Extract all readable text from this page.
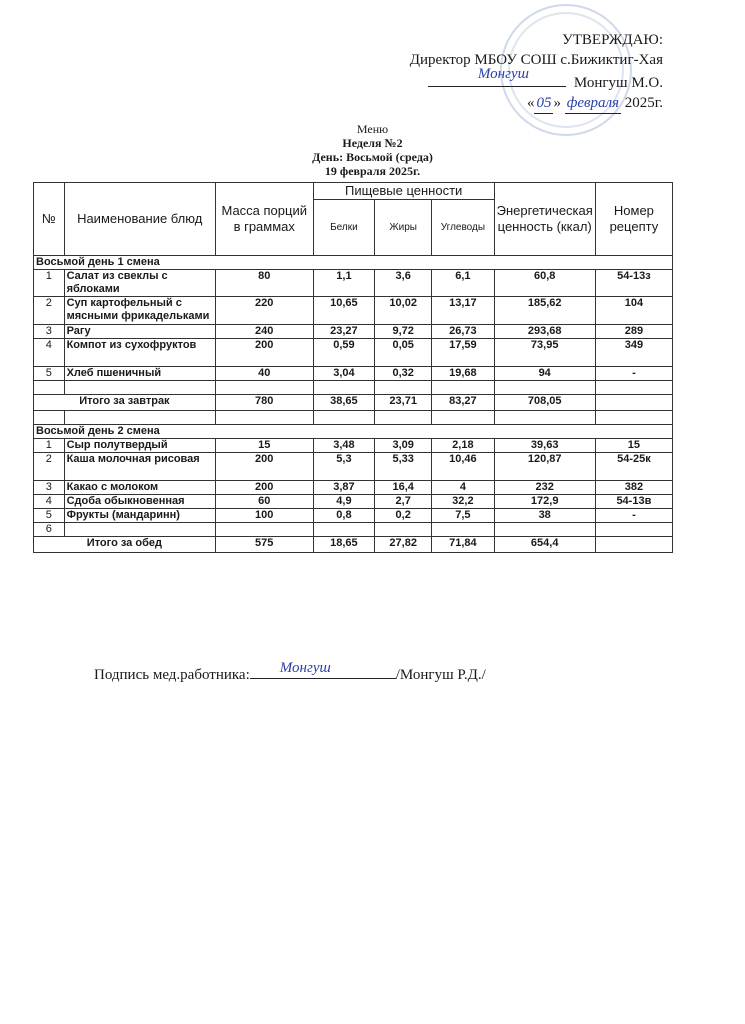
УТВЕРЖДАЮ:
Директор МБОУ СОШ с.Бижиктиг-Хая
Монгуш
Монгуш М.О.
« 05 » февраля 2025г.
Меню
Неделя №2
День: Восьмой (среда)
19 февраля 2025г.
№	Наименование блюд	Масса порций в граммах	Пищевые ценности			Энергетическая ценность (ккал)	Номер рецепту
			Белки	Жиры	Углеводы		
Восьмой день 1 смена							
1	Салат из свеклы с яблоками	80	1,1	3,6	6,1	60,8	54-13з
2	Суп картофельный с мясными фрикадельками	220	10,65	10,02	13,17	185,62	104
3	Рагу	240	23,27	9,72	26,73	293,68	289
4	Компот из сухофруктов	200	0,59	0,05	17,59	73,95	349
5	Хлеб пшеничный	40	3,04	0,32	19,68	94	-

Итого за завтрак		780	38,65	23,71	83,27	708,05	

Восьмой день 2 смена							
1	Сыр полутвердый	15	3,48	3,09	2,18	39,63	15
2	Каша молочная рисовая	200	5,3	5,33	10,46	120,87	54-25к
3	Какао с молоком	200	3,87	16,4	4	232	382
4	Сдоба обыкновенная	60	4,9	2,7	32,2	172,9	54-13в
5	Фрукты (мандаринн)	100	0,8	0,2	7,5	38	-
6							
Итого за обед		575	18,65	27,82	71,84	654,4	
Подпись мед.работника: Монгуш	/Монгуш Р.Д./
